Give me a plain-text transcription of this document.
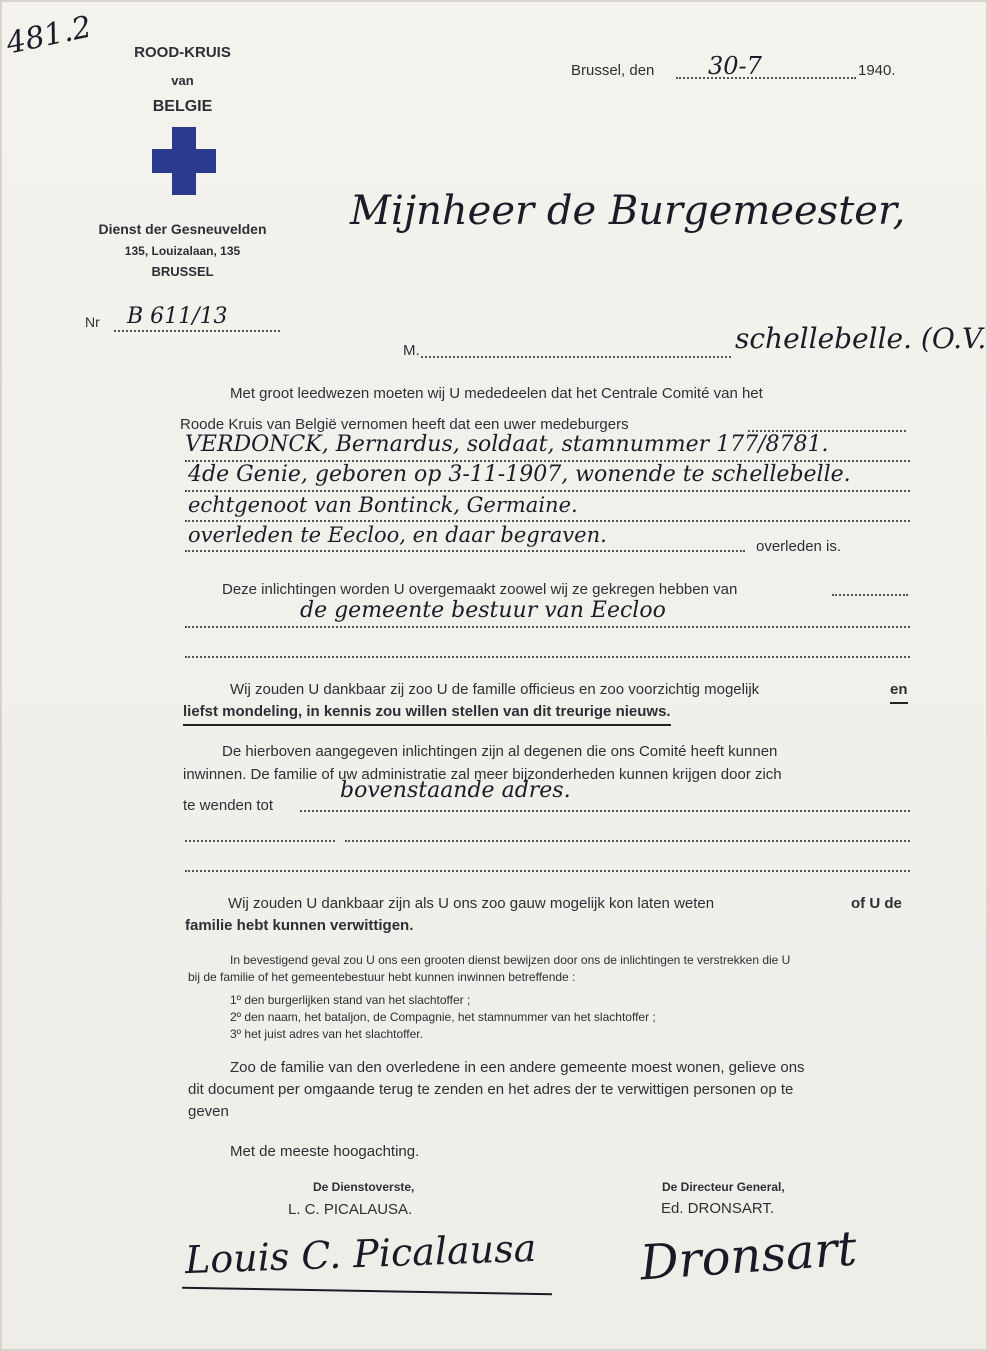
481.2	ROOD-KRUIS
van
BELGIE
Dienst der Gesneuvelden
135, Louizalaan, 135
BRUSSEL
Nr B 611/13
Brussel, den 30-7	1940.
Mijnheer de Burgemeester,
M.	schellebelle. (O.V.
Met groot leedwezen moeten wij U mededeelen dat het Centrale Comité van het
Roode Kruis van België vernomen heeft dat een uwer medeburgers
VERDONCK, Bernardus, soldaat, stamnummer 177/8781.
4de Genie, geboren op 3-11-1907, wonende te schellebelle.
echtgenoot van Bontinck, Germaine.
overleden te Eecloo, en daar begraven.	overleden is.
Deze inlichtingen worden U overgemaakt zoowel wij ze gekregen hebben van
de gemeente bestuur van Eecloo
Wij zouden U dankbaar zij zoo U de famille officieus en zoo voorzichtig mogelijk	en
liefst mondeling, in kennis zou willen stellen van dit treurige nieuws.
De hierboven aangegeven inlichtingen zijn al degenen die ons Comité heeft kunnen
inwinnen. De familie of uw administratie zal meer bijzonderheden kunnen krijgen door zich
te wenden tot
bovenstaande adres.
Wij zouden U dankbaar zijn als U ons zoo gauw mogelijk kon laten weten	of U de
familie hebt kunnen verwittigen.
In bevestigend geval zou U ons een grooten dienst bewijzen door ons de inlichtingen te verstrekken die U
bij de familie of het gemeentebestuur hebt kunnen inwinnen betreffende :
1º den burgerlijken stand van het slachtoffer ;
2º den naam, het bataljon, de Compagnie, het stamnummer van het slachtoffer ;
3º het juist adres van het slachtoffer.
Zoo de familie van den overledene in een andere gemeente moest wonen, gelieve ons
dit document per omgaande terug te zenden en het adres der te verwittigen personen op te
geven
Met de meeste hoogachting.
De Dienstoverste,
L. C. PICALAUSA.
Louis C. Picalausa
De Directeur General,
Ed. DRONSART.
Dronsart
